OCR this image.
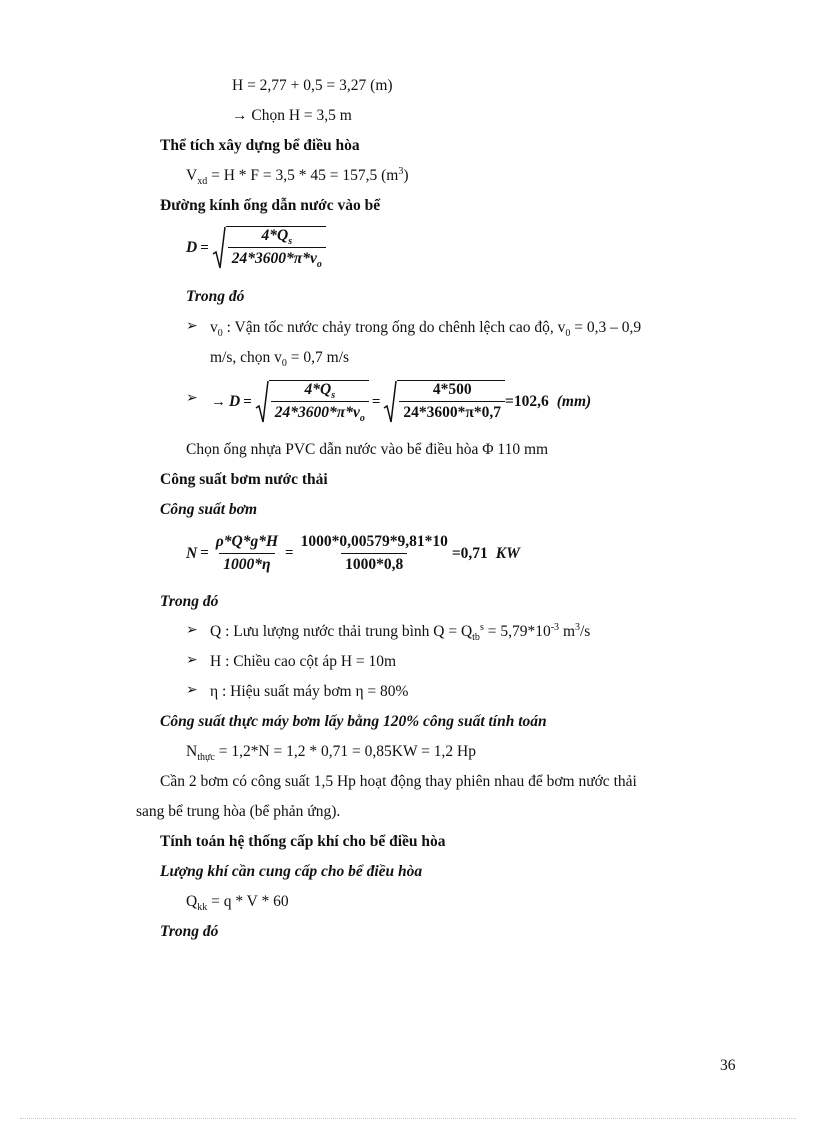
H = 2,77 + 0,5 = 3,27 (m)
→ Chọn H = 3,5 m
Thể tích xây dựng bể điều hòa
$V_{xd} = H * F = 3,5 * 45 = 157,5$ $(m^3)$
Đường kính ống dẫn nước vào bể
$D = \frac{4*Q_s}{24*3600*\pi*v_o}$
Trong đó
➢ $v_0$ : Vận tốc nước chảy trong ống do chênh lệch cao độ, $v_0 = 0,3 - 0,9$
m/s, chọn $v_0 = 0,7$ m/s
➢ → $D = \frac{4*Q_s}{24*3600*\pi*v_o} = \frac{4*500}{24*3600*\pi*0,7} =102,6$ (mm)
Chọn ống nhựa PVC dẫn nước vào bể điều hòa Φ 110 mm
Công suất bơm nước thải
Công suất bơm
$N = \frac{\rho*Q*g*H}{1000*\eta} = \frac{1000*0,00579*9,81*10}{1000*0,8} =0,71$ KW
Trong đó
➢ Q : Lưu lượng nước thải trung bình $Q = Q_{tb}^s = 5,79*10^{-3}$ $m^3/s$
➢ H : Chiều cao cột áp H = 10m
➢ η : Hiệu suất máy bơm η = 80%
Công suất thực máy bơm lấy bằng 120% công suất tính toán
$N_{thực} = 1,2*N = 1,2 * 0,71 = 0,85KW = 1,2$ Hp
Cần 2 bơm có công suất 1,5 Hp hoạt động thay phiên nhau để bơm nước thải
sang bể trung hòa (bể phản ứng).
Tính toán hệ thống cấp khí cho bể điều hòa
Lượng khí cần cung cấp cho bể điều hòa
$Q_{kk} = q * V * 60$
Trong đó
36
